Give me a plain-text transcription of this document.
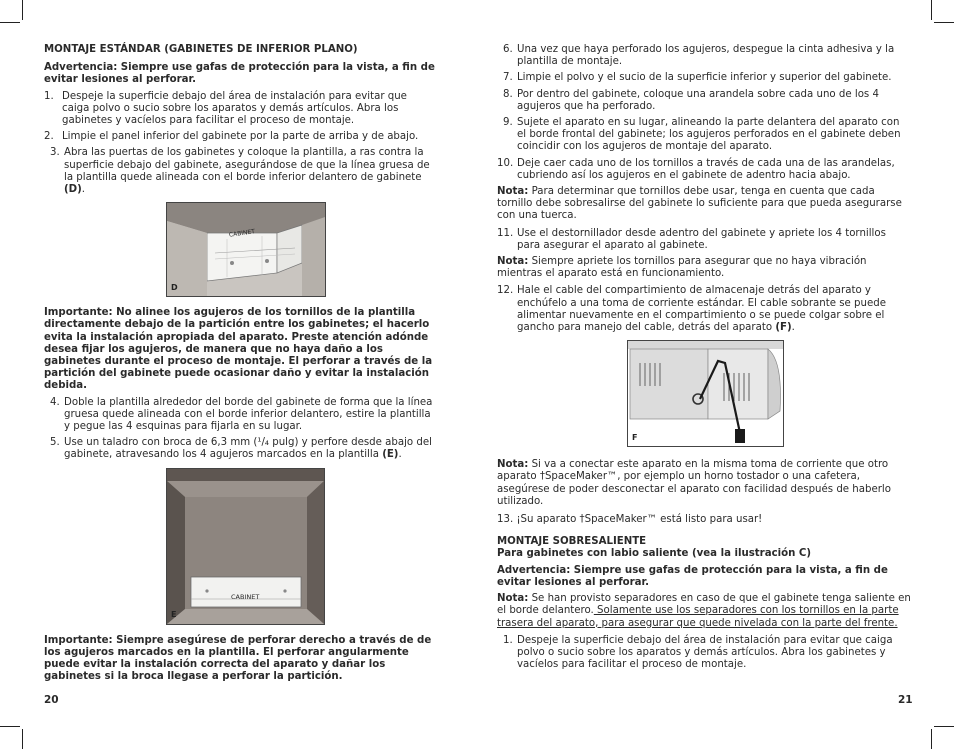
MONTAJE ESTÁNDAR (GABINETES DE INFERIOR PLANO)
Advertencia: Siempre use gafas de protección para la vista, a fin de evitar lesiones al perforar.
1. Despeje la superficie debajo del área de instalación para evitar que caiga polvo o sucio sobre los aparatos y demás artículos. Abra los gabinetes y vacíelos para facilitar el proceso de montaje.
2. Limpie el panel inferior del gabinete por la parte de arriba y de abajo.
3. Abra las puertas de los gabinetes y coloque la plantilla, a ras contra la superficie debajo del gabinete, asegurándose de que la línea gruesa de la plantilla quede alineada con el borde inferior delantero de gabinete (D).
CABINET
D
Importante: No alinee los agujeros de los tornillos de la plantilla directamente debajo de la partición entre los gabinetes; el hacerlo evita la instalación apropiada del aparato. Preste atención adónde desea fijar los agujeros, de manera que no haya daño a los gabinetes durante el proceso de montaje. El perforar a través de la partición del gabinete puede ocasionar daño y evitar la instalación debida.
4. Doble la plantilla alrededor del borde del gabinete de forma que la línea gruesa quede alineada con el borde inferior delantero, estire la plantilla y pegue las 4 esquinas para fijarla en su lugar.
5. Use un taladro con broca de 6,3 mm (¹/₄ pulg) y perfore desde abajo del gabinete, atravesando los 4 agujeros marcados en la plantilla (E).
CABINET
E
Importante: Siempre asegúrese de perforar derecho a través de de los agujeros marcados en la plantilla. El perforar angularmente puede evitar la instalación correcta del aparato y dañar los gabinetes si la broca llegase a perforar la partición.
20
6. Una vez que haya perforado los agujeros, despegue la cinta adhesiva y la plantilla de montaje.
7. Limpie el polvo y el sucio de la superficie inferior y superior del gabinete.
8. Por dentro del gabinete, coloque una arandela sobre cada uno de los 4 agujeros que ha perforado.
9. Sujete el aparato en su lugar, alineando la parte delantera del aparato con el borde frontal del gabinete; los agujeros perforados en el gabinete deben coincidir con los agujeros de montaje del aparato.
10. Deje caer cada uno de los tornillos a través de cada una de las arandelas, cubriendo así los agujeros en el gabinete de adentro hacia abajo.

Nota: Para determinar que tornillos debe usar, tenga en cuenta que cada tornillo debe sobresalirse del gabinete lo suficiente para que pueda asegurarse con una tuerca.

11. Use el destornillador desde adentro del gabinete y apriete los 4 tornillos para asegurar el aparato al gabinete.

Nota: Siempre apriete los tornillos para asegurar que no haya vibración mientras el aparato está en funcionamiento.

12. Hale el cable del compartimiento de almacenaje detrás del aparato y enchúfelo a una toma de corriente estándar. El cable sobrante se puede alimentar nuevamente en el compartimiento o se puede colgar sobre el gancho para manejo del cable, detrás del aparato (F).
F

Nota: Si va a conectar este aparato en la misma toma de corriente que otro aparato †SpaceMaker™, por ejemplo un horno tostador o una cafetera, asegúrese de poder desconectar el aparato con facilidad después de haberlo utilizado.

13. ¡Su aparato †SpaceMaker™ está listo para usar!

MONTAJE SOBRESALIENTE
Para gabinetes con labio saliente (vea la ilustración C)
Advertencia: Siempre use gafas de protección para la vista, a fin de evitar lesiones al perforar.

Nota: Se han provisto separadores en caso de que el gabinete tenga saliente en el borde delantero. Solamente use los separadores con los tornillos en la parte trasera del aparato, para asegurar que quede nivelada con la parte del frente.

1. Despeje la superficie debajo del área de instalación para evitar que caiga polvo o sucio sobre los aparatos y demás artículos. Abra los gabinetes y vacíelos para facilitar el proceso de montaje.
21
